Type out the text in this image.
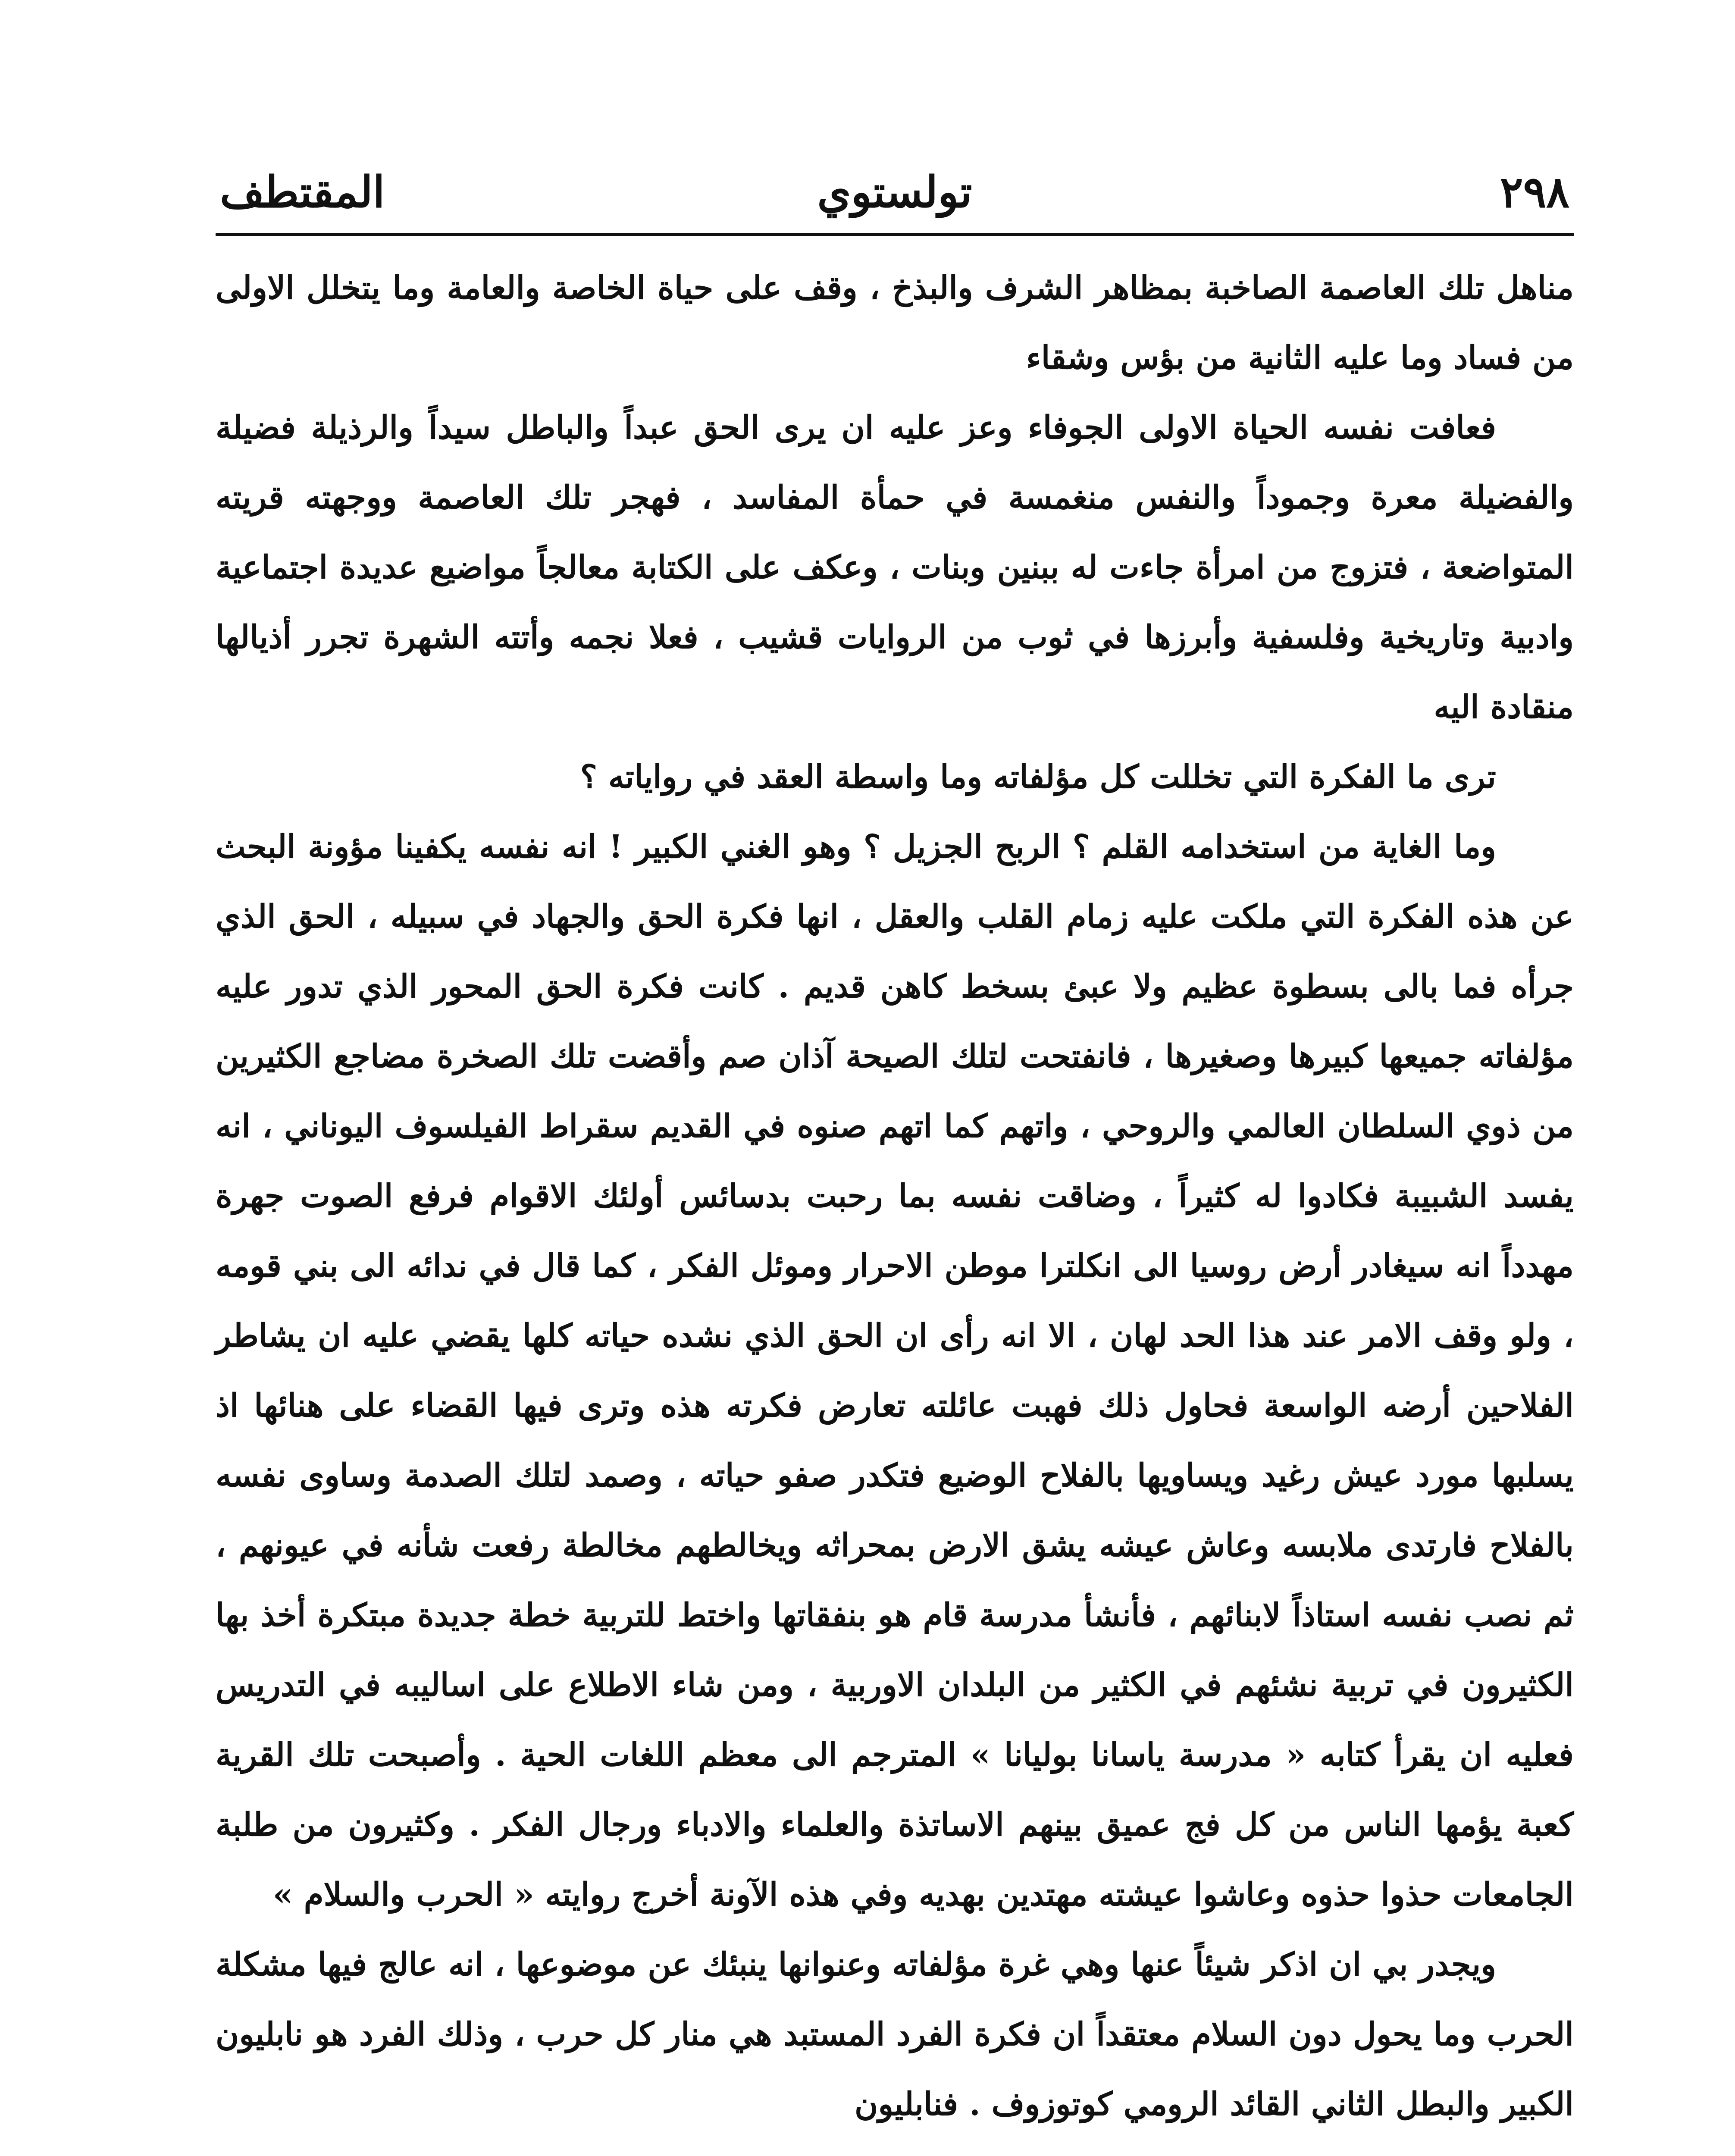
٢٩٨
تولستوي
المقتطف

مناهل تلك العاصمة الصاخبة بمظاهر الشرف والبذخ ، وقف على حياة الخاصة والعامة وما يتخلل الاولى من فساد وما عليه الثانية من بؤس وشقاء

فعافت نفسه الحياة الاولى الجوفاء وعز عليه ان يرى الحق عبداً والباطل سيداً والرذيلة فضيلة والفضيلة معرة وجموداً والنفس منغمسة في حمأة المفاسد ، فهجر تلك العاصمة ووجهته قريته المتواضعة ، فتزوج من امرأة جاءت له ببنين وبنات ، وعكف على الكتابة معالجاً مواضيع عديدة اجتماعية وادبية وتاريخية وفلسفية وأبرزها في ثوب من الروايات قشيب ، فعلا نجمه وأتته الشهرة تجرر أذيالها منقادة اليه

ترى ما الفكرة التي تخللت كل مؤلفاته وما واسطة العقد في رواياته ؟

وما الغاية من استخدامه القلم ؟ الربح الجزيل ؟ وهو الغني الكبير ! انه نفسه يكفينا مؤونة البحث عن هذه الفكرة التي ملكت عليه زمام القلب والعقل ، انها فكرة الحق والجهاد في سبيله ، الحق الذي جرأه فما بالى بسطوة عظيم ولا عبئ بسخط كاهن قديم . كانت فكرة الحق المحور الذي تدور عليه مؤلفاته جميعها كبيرها وصغيرها ، فانفتحت لتلك الصيحة آذان صم وأقضت تلك الصخرة مضاجع الكثيرين من ذوي السلطان العالمي والروحي ، واتهم كما اتهم صنوه في القديم سقراط الفيلسوف اليوناني ، انه يفسد الشبيبة فكادوا له كثيراً ، وضاقت نفسه بما رحبت بدسائس أولئك الاقوام فرفع الصوت جهرة مهدداً انه سيغادر أرض روسيا الى انكلترا موطن الاحرار وموئل الفكر ، كما قال في ندائه الى بني قومه ، ولو وقف الامر عند هذا الحد لهان ، الا انه رأى ان الحق الذي نشده حياته كلها يقضي عليه ان يشاطر الفلاحين أرضه الواسعة فحاول ذلك فهبت عائلته تعارض فكرته هذه وترى فيها القضاء على هنائها اذ يسلبها مورد عيش رغيد ويساويها بالفلاح الوضيع فتكدر صفو حياته ، وصمد لتلك الصدمة وساوى نفسه بالفلاح فارتدى ملابسه وعاش عيشه يشق الارض بمحراثه ويخالطهم مخالطة رفعت شأنه في عيونهم ، ثم نصب نفسه استاذاً لابنائهم ، فأنشأ مدرسة قام هو بنفقاتها واختط للتربية خطة جديدة مبتكرة أخذ بها الكثيرون في تربية نشئهم في الكثير من البلدان الاوربية ، ومن شاء الاطلاع على اساليبه في التدريس فعليه ان يقرأ كتابه « مدرسة ياسانا بوليانا » المترجم الى معظم اللغات الحية . وأصبحت تلك القرية كعبة يؤمها الناس من كل فج عميق بينهم الاساتذة والعلماء والادباء ورجال الفكر . وكثيرون من طلبة الجامعات حذوا حذوه وعاشوا عيشته مهتدين بهديه وفي هذه الآونة أخرج روايته « الحرب والسلام »

ويجدر بي ان اذكر شيئاً عنها وهي غرة مؤلفاته وعنوانها ينبئك عن موضوعها ، انه عالج فيها مشكلة الحرب وما يحول دون السلام معتقداً ان فكرة الفرد المستبد هي منار كل حرب ، وذلك الفرد هو نابليون الكبير والبطل الثاني القائد الرومي كوتوزوف . فنابليون
